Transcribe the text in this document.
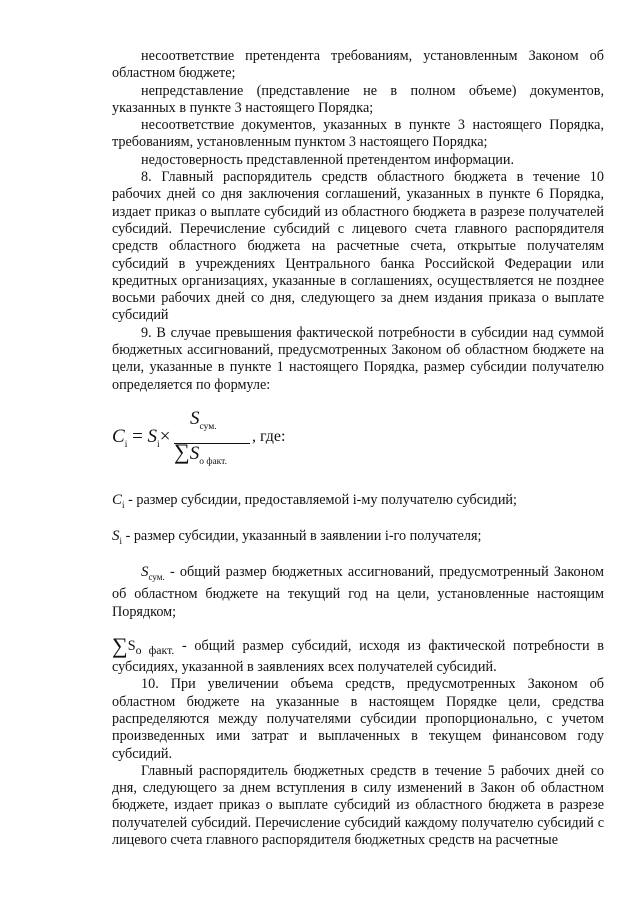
несоответствие претендента требованиям, установленным Законом об областном бюджете;

непредставление (представление не в полном объеме) документов, указанных в пункте 3 настоящего Порядка;

несоответствие документов, указанных в пункте 3 настоящего Порядка, требованиям, установленным пунктом 3 настоящего Порядка;

недостоверность представленной претендентом информации.

8. Главный распорядитель средств областного бюджета в течение 10 рабочих дней со дня заключения соглашений, указанных в пункте 6 Порядка, издает приказ о выплате субсидий из областного бюджета в разрезе получателей субсидий. Перечисление субсидий с лицевого счета главного распорядителя средств областного бюджета на расчетные счета, открытые получателям субсидий в учреждениях Центрального банка Российской Федерации или кредитных организациях, указанные в соглашениях, осуществляется не позднее восьми рабочих дней со дня, следующего за днем издания приказа о выплате субсидий

9. В случае превышения фактической потребности в субсидии над суммой бюджетных ассигнований, предусмотренных Законом об областном бюджете на цели, указанные в пункте 1 настоящего Порядка, размер субсидии получателю определяется по формуле:

$C_i = S_i\times$
$S_{сум.}$
$\sum S_{о факт.}$
, где:

$C_i$ - размер субсидии, предоставляемой i-му получателю субсидий;

$S_i$ - размер субсидии, указанный в заявлении i-го получателя;

$S_{сум.}$ - общий размер бюджетных ассигнований, предусмотренный Законом об областном бюджете на текущий год на цели, установленные настоящим Порядком;

$\sum S_{о факт.}$ - общий размер субсидий, исходя из фактической потребности в субсидиях, указанной в заявлениях всех получателей субсидий.

10. При увеличении объема средств, предусмотренных Законом об областном бюджете на указанные в настоящем Порядке цели, средства распределяются между получателями субсидии пропорционально, с учетом произведенных ими затрат и выплаченных в текущем финансовом году субсидий.

Главный распорядитель бюджетных средств в течение 5 рабочих дней со дня, следующего за днем вступления в силу изменений в Закон об областном бюджете, издает приказ о выплате субсидий из областного бюджета в разрезе получателей субсидий. Перечисление субсидий каждому получателю субсидий с лицевого счета главного распорядителя бюджетных средств на расчетные
